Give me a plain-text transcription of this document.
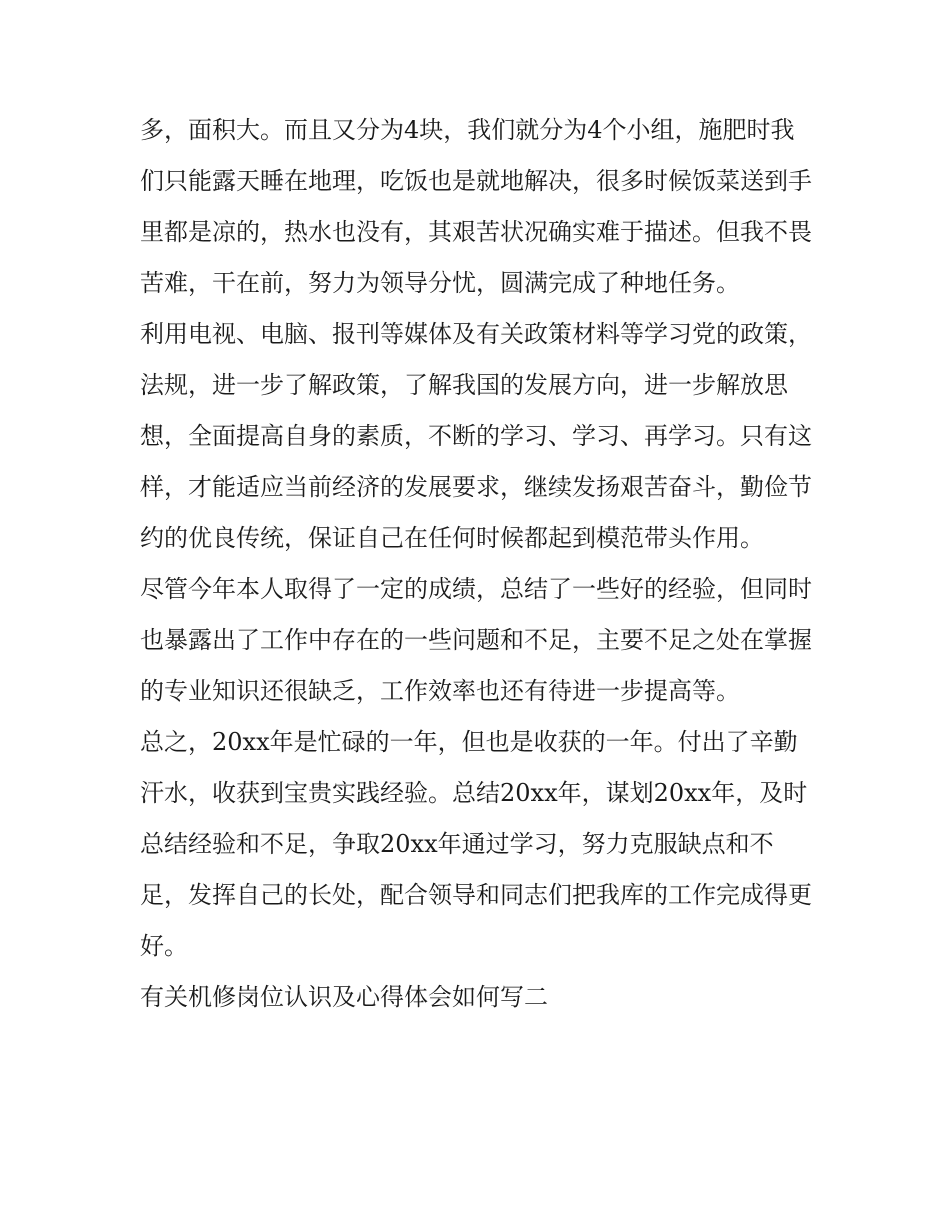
多，面积大。而且又分为4块，我们就分为4个小组，施肥时我们只能露天睡在地理，吃饭也是就地解决，很多时候饭菜送到手里都是凉的，热水也没有，其艰苦状况确实难于描述。但我不畏苦难，干在前，努力为领导分忧，圆满完成了种地任务。

利用电视、电脑、报刊等媒体及有关政策材料等学习党的政策，法规，进一步了解政策，了解我国的发展方向，进一步解放思想，全面提高自身的素质，不断的学习、学习、再学习。只有这样，才能适应当前经济的发展要求，继续发扬艰苦奋斗，勤俭节约的优良传统，保证自己在任何时候都起到模范带头作用。

尽管今年本人取得了一定的成绩，总结了一些好的经验，但同时也暴露出了工作中存在的一些问题和不足，主要不足之处在掌握的专业知识还很缺乏，工作效率也还有待进一步提高等。

总之，20xx年是忙碌的一年，但也是收获的一年。付出了辛勤汗水，收获到宝贵实践经验。总结20xx年，谋划20xx年，及时总结经验和不足，争取20xx年通过学习，努力克服缺点和不足，发挥自己的长处，配合领导和同志们把我库的工作完成得更好。

有关机修岗位认识及心得体会如何写二
